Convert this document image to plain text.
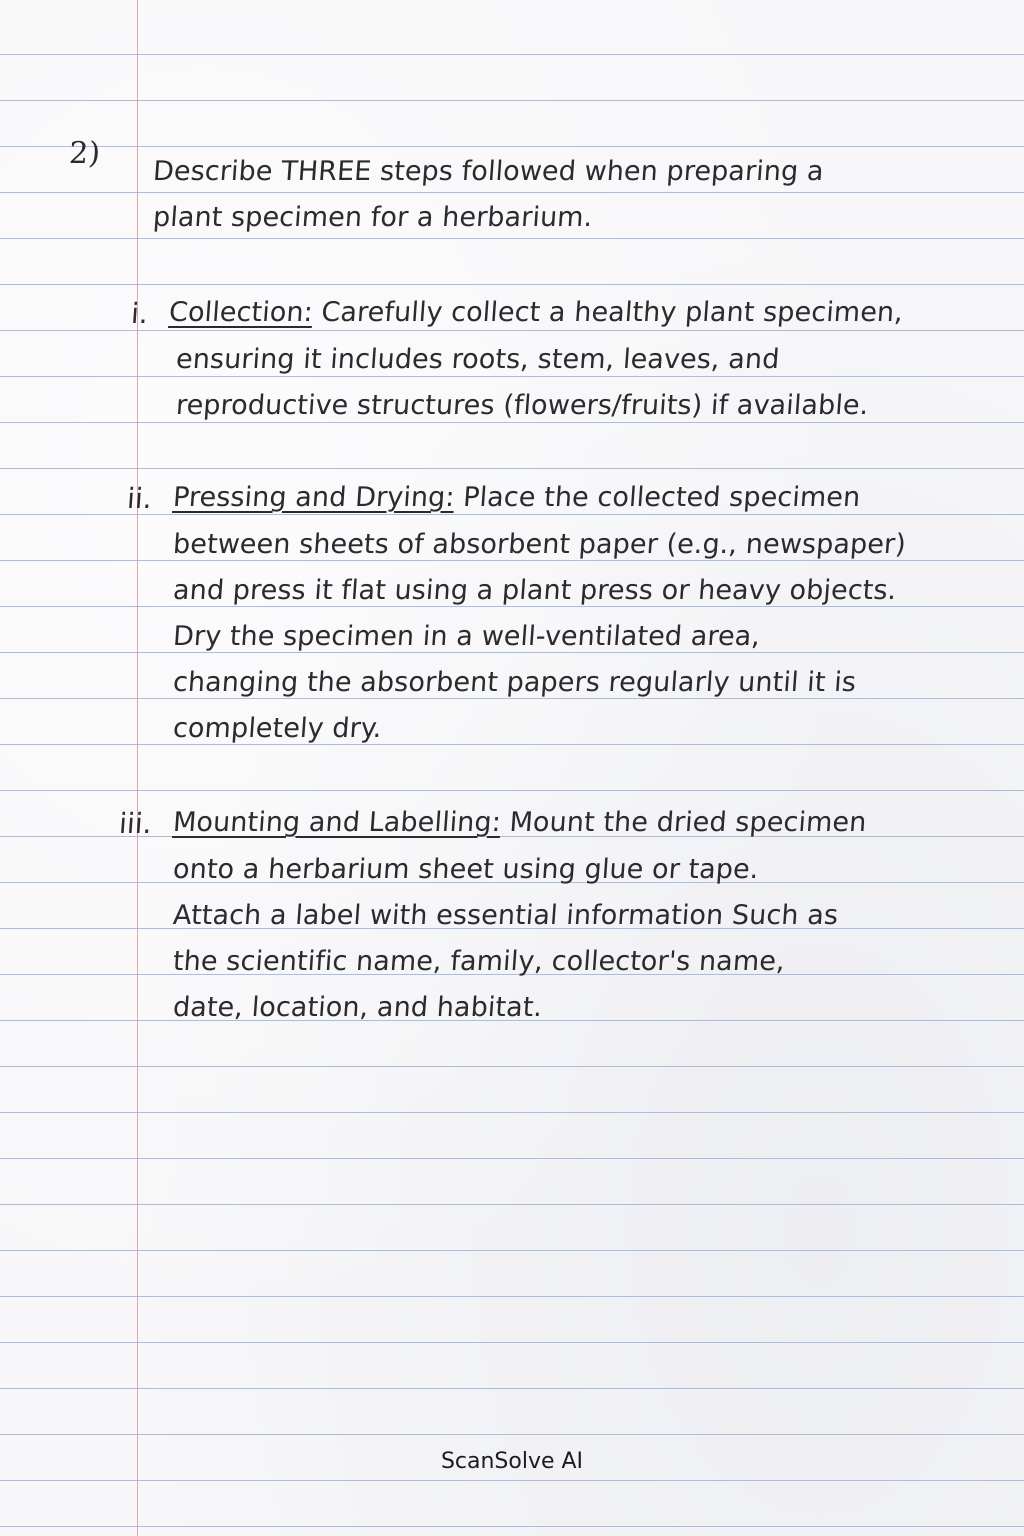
2)
Describe THREE steps followed when preparing a
plant specimen for a herbarium.
i. Collection: Carefully collect a healthy plant specimen,
ensuring it includes roots, stem, leaves, and
reproductive structures (flowers/fruits) if available.
ii. Pressing and Drying: Place the collected specimen
between sheets of absorbent paper (e.g., newspaper)
and press it flat using a plant press or heavy objects.
Dry the specimen in a well-ventilated area,
changing the absorbent papers regularly until it is
completely dry.
iii. Mounting and Labelling: Mount the dried specimen
onto a herbarium sheet using glue or tape.
Attach a label with essential information Such as
the scientific name, family, collector's name,
date, location, and habitat.
ScanSolve AI
